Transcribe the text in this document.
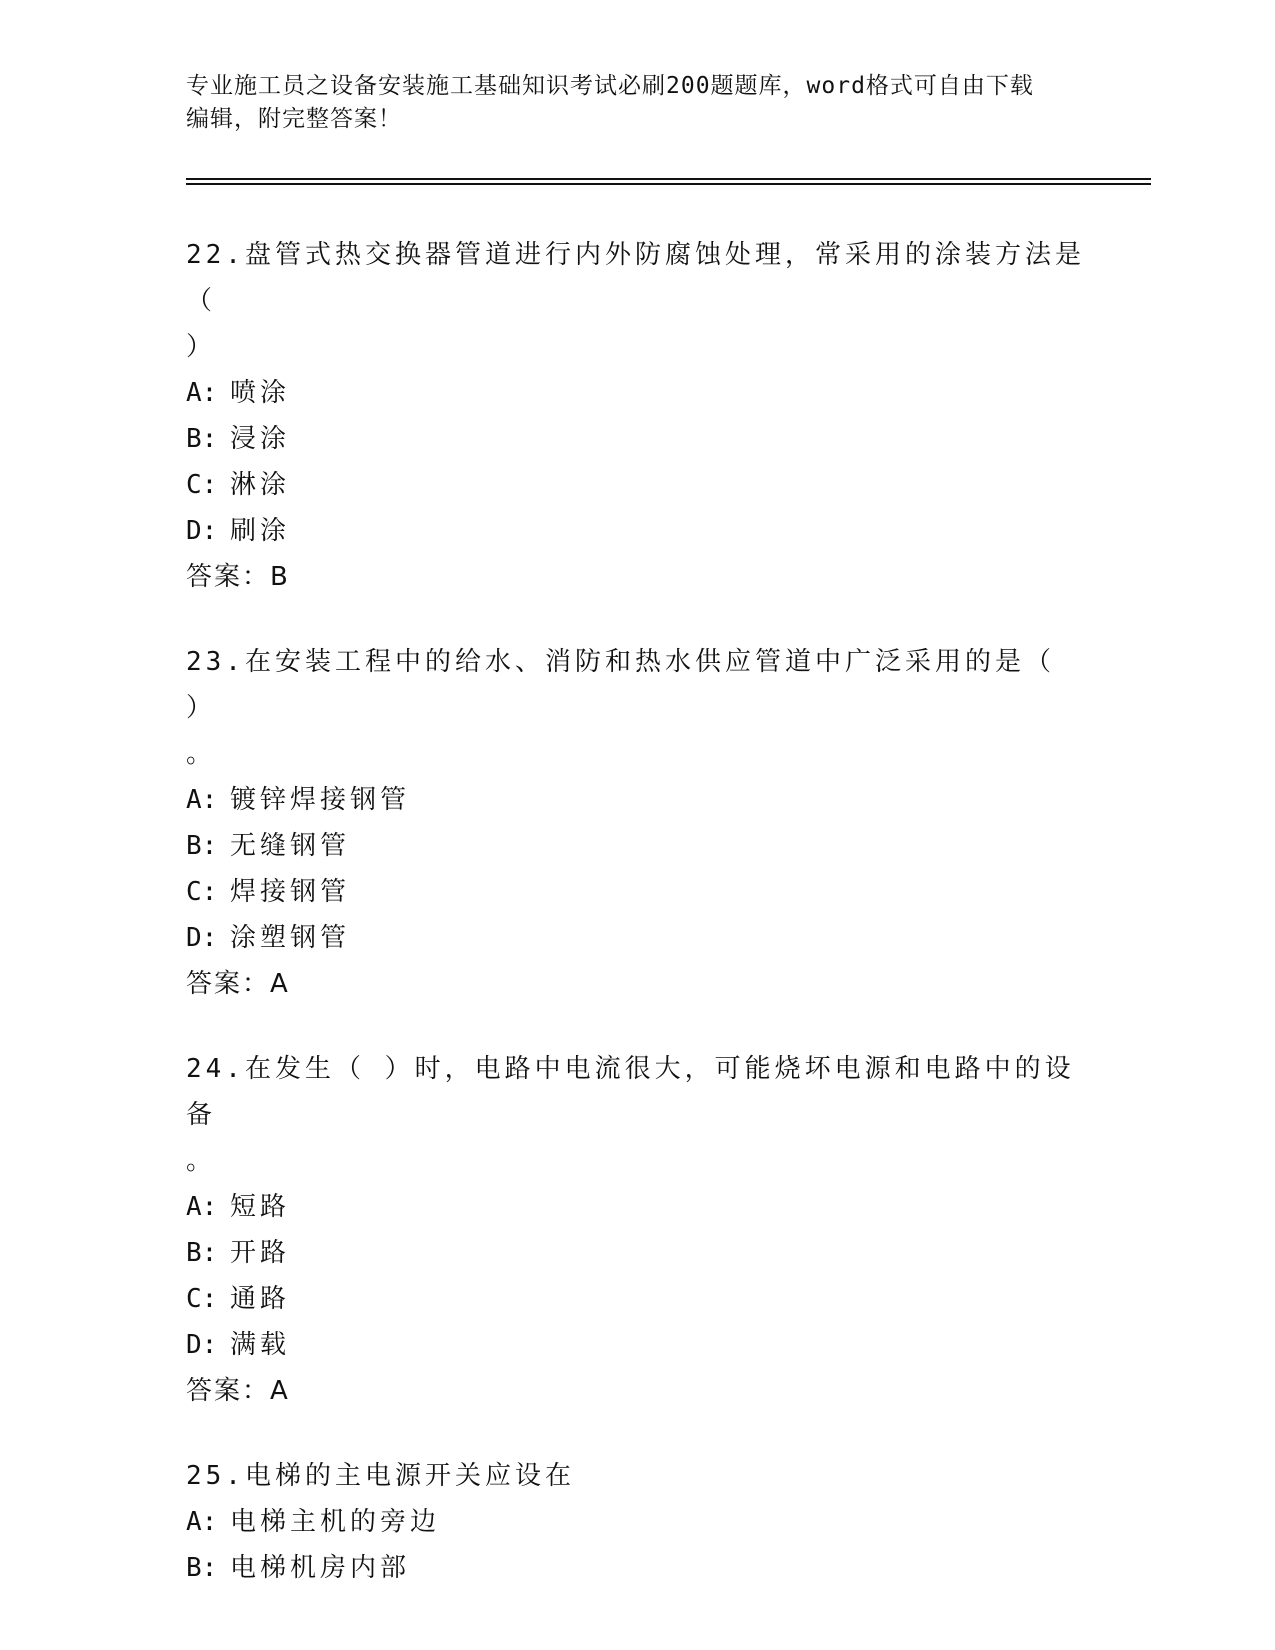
专业施工员之设备安装施工基础知识考试必刷200题题库，word格式可自由下载
编辑，附完整答案！
22.盘管式热交换器管道进行内外防腐蚀处理，常采用的涂装方法是（
）
A: 喷涂
B: 浸涂
C: 淋涂
D: 刷涂
答案：B
23.在安装工程中的给水、消防和热水供应管道中广泛采用的是（ ）
。
A: 镀锌焊接钢管
B: 无缝钢管
C: 焊接钢管
D: 涂塑钢管
答案：A
24.在发生（ ）时，电路中电流很大，可能烧坏电源和电路中的设备
。
A: 短路
B: 开路
C: 通路
D: 满载
答案：A
25.电梯的主电源开关应设在
A: 电梯主机的旁边
B: 电梯机房内部
